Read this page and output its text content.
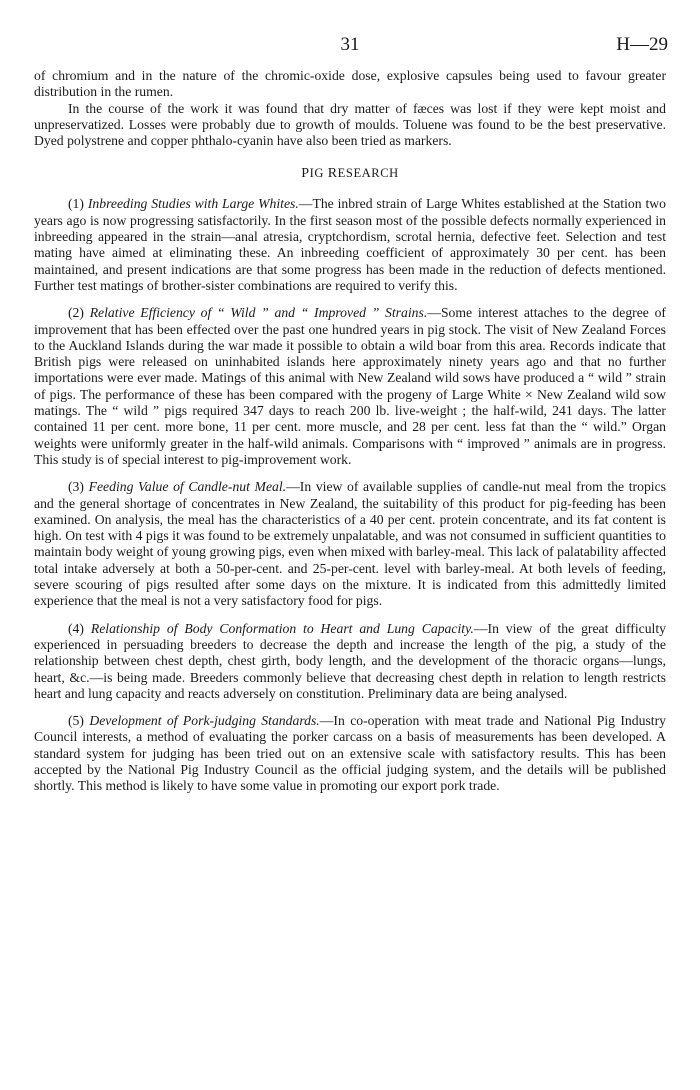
31	H—29

of chromium and in the nature of the chromic-oxide dose, explosive capsules being used to favour greater distribution in the rumen.

In the course of the work it was found that dry matter of fæces was lost if they were kept moist and unpreservatized. Losses were probably due to growth of moulds. Toluene was found to be the best preservative. Dyed polystrene and copper phthalo-cyanin have also been tried as markers.

PIG RESEARCH

(1) Inbreeding Studies with Large Whites.—The inbred strain of Large Whites established at the Station two years ago is now progressing satisfactorily. In the first season most of the possible defects normally experienced in inbreeding appeared in the strain—anal atresia, cryptchordism, scrotal hernia, defective feet. Selection and test mating have aimed at eliminating these. An inbreeding coefficient of approximately 30 per cent. has been maintained, and present indications are that some progress has been made in the reduction of defects mentioned. Further test matings of brother-sister combinations are required to verify this.

(2) Relative Efficiency of “ Wild ” and “ Improved ” Strains.—Some interest attaches to the degree of improvement that has been effected over the past one hundred years in pig stock. The visit of New Zealand Forces to the Auckland Islands during the war made it possible to obtain a wild boar from this area. Records indicate that British pigs were released on uninhabited islands here approximately ninety years ago and that no further importations were ever made. Matings of this animal with New Zealand wild sows have produced a “ wild ” strain of pigs. The performance of these has been compared with the progeny of Large White × New Zealand wild sow matings. The “ wild ” pigs required 347 days to reach 200 lb. live-weight ; the half-wild, 241 days. The latter contained 11 per cent. more bone, 11 per cent. more muscle, and 28 per cent. less fat than the “ wild.” Organ weights were uniformly greater in the half-wild animals. Comparisons with “ improved ” animals are in progress. This study is of special interest to pig-improvement work.

(3) Feeding Value of Candle-nut Meal.—In view of available supplies of candle-nut meal from the tropics and the general shortage of concentrates in New Zealand, the suitability of this product for pig-feeding has been examined. On analysis, the meal has the characteristics of a 40 per cent. protein concentrate, and its fat content is high. On test with 4 pigs it was found to be extremely unpalatable, and was not consumed in sufficient quantities to maintain body weight of young growing pigs, even when mixed with barley-meal. This lack of palatability affected total intake adversely at both a 50-per-cent. and 25-per-cent. level with barley-meal. At both levels of feeding, severe scouring of pigs resulted after some days on the mixture. It is indicated from this admittedly limited experience that the meal is not a very satisfactory food for pigs.

(4) Relationship of Body Conformation to Heart and Lung Capacity.—In view of the great difficulty experienced in persuading breeders to decrease the depth and increase the length of the pig, a study of the relationship between chest depth, chest girth, body length, and the development of the thoracic organs—lungs, heart, &c.—is being made. Breeders commonly believe that decreasing chest depth in relation to length restricts heart and lung capacity and reacts adversely on constitution. Preliminary data are being analysed.

(5) Development of Pork-judging Standards.—In co-operation with meat trade and National Pig Industry Council interests, a method of evaluating the porker carcass on a basis of measurements has been developed. A standard system for judging has been tried out on an extensive scale with satisfactory results. This has been accepted by the National Pig Industry Council as the official judging system, and the details will be published shortly. This method is likely to have some value in promoting our export pork trade.
